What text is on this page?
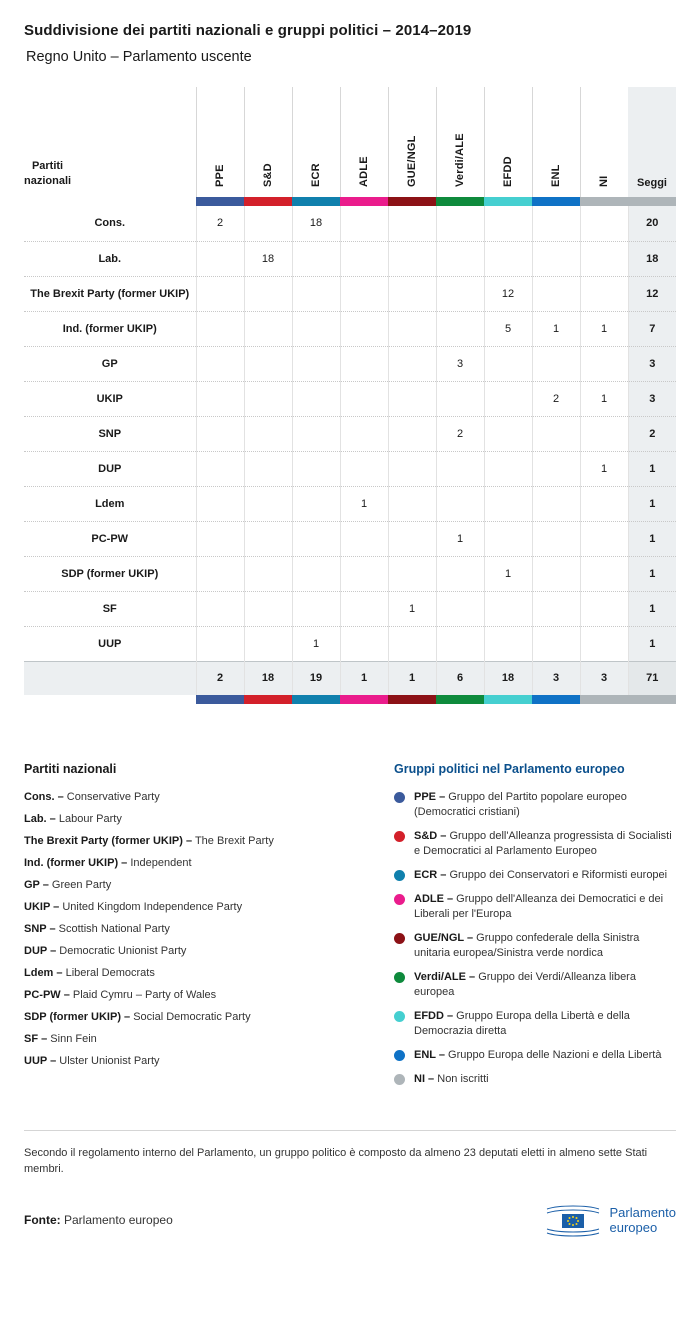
Suddivisione dei partiti nazionali e gruppi politici – 2014–2019
Regno Unito – Parlamento uscente
Partiti
nazionali	PPE	S&D	ECR	ADLE	GUE/NGL	Verdi/ALE	EFDD	ENL	NI	Seggi

Cons.	2		18							20
Lab.		18								18
The Brexit Party (former UKIP)							12			12
Ind. (former UKIP)							5	1	1	7
GP						3				3
UKIP								2	1	3
SNP						2				2
DUP									1	1
Ldem				1						1
PC-PW						1				1
SDP (former UKIP)							1			1
SF					1					1
UUP			1							1
	2	18	19	1	1	6	18	3	3	71

Partiti nazionali
Cons. – Conservative Party
Lab. – Labour Party
The Brexit Party (former UKIP) – The Brexit Party
Ind. (former UKIP) – Independent
GP – Green Party
UKIP – United Kingdom Independence Party
SNP – Scottish National Party
DUP – Democratic Unionist Party
Ldem – Liberal Democrats
PC-PW – Plaid Cymru – Party of Wales
SDP (former UKIP) – Social Democratic Party
SF – Sinn Fein
UUP – Ulster Unionist Party
Gruppi politici nel Parlamento europeo
PPE – Gruppo del Partito popolare europeo (Democratici cristiani)
S&D – Gruppo dell'Alleanza progressista di Socialisti e Democratici al Parlamento Europeo
ECR – Gruppo dei Conservatori e Riformisti europei
ADLE – Gruppo dell'Alleanza dei Democratici e dei Liberali per l'Europa
GUE/NGL – Gruppo confederale della Sinistra unitaria europea/Sinistra verde nordica
Verdi/ALE – Gruppo dei Verdi/Alleanza libera europea
EFDD – Gruppo Europa della Libertà e della Democrazia diretta
ENL – Gruppo Europa delle Nazioni e della Libertà
NI – Non iscritti
Secondo il regolamento interno del Parlamento, un gruppo politico è composto da almeno 23 deputati eletti in almeno sette Stati membri.
Fonte: Parlamento europeo	Parlamento
europeo
